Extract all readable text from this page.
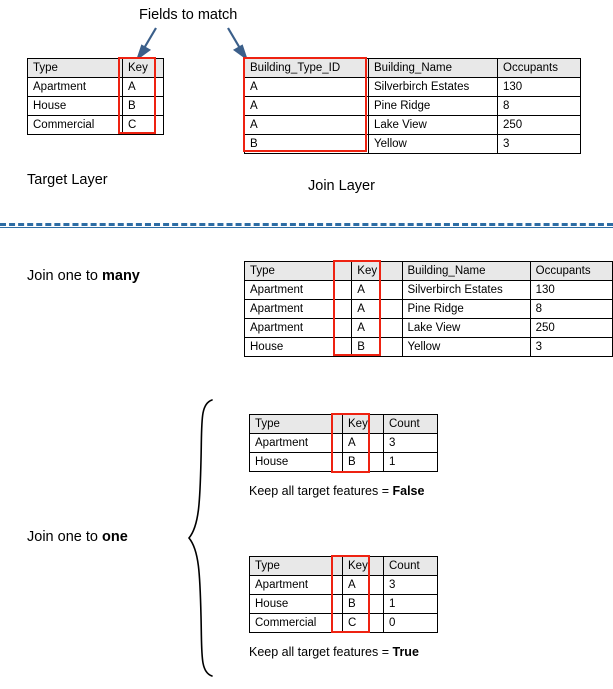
Fields to match
Type	Key
Apartment	A
House	B
Commercial	C
Building_Type_ID	Building_Name	Occupants
A	Silverbirch Estates	130
A	Pine Ridge	8
A	Lake View	250
B	Yellow	3
Target Layer	Join Layer
Join one to many	Type	Key	Building_Name	Occupants
Apartment	A	Silverbirch Estates	130
Apartment	A	Pine Ridge	8
Apartment	A	Lake View	250
House	B	Yellow	3
Join one to one
Type	Key	Count
Apartment	A	3
House	B	1
Keep all target features = False
Type	Key	Count
Apartment	A	3
House	B	1
Commercial	C	0
Keep all target features = True
